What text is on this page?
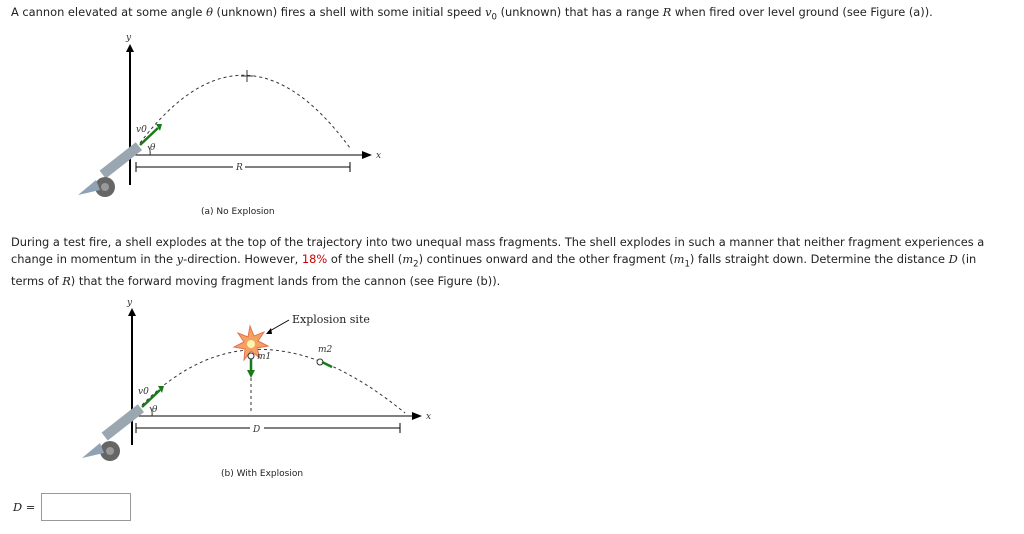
A cannon elevated at some angle θ (unknown) fires a shell with some initial speed $v_0$ (unknown) that has a range R when fired over level ground (see Figure (a)).
y
x
R
v0
θ
(a) No Explosion
During a test fire, a shell explodes at the top of the trajectory into two unequal mass fragments. The shell explodes in such a manner that neither fragment experiences a change in momentum in the y-direction. However, 18% of the shell $(m_2)$ continues onward and the other fragment $(m_1)$ falls straight down. Determine the distance D (in terms of R) that the forward moving fragment lands from the cannon (see Figure (b)).
y
x
D
Explosion site
m1
m2
v0
θ
(b) With Explosion
D =
